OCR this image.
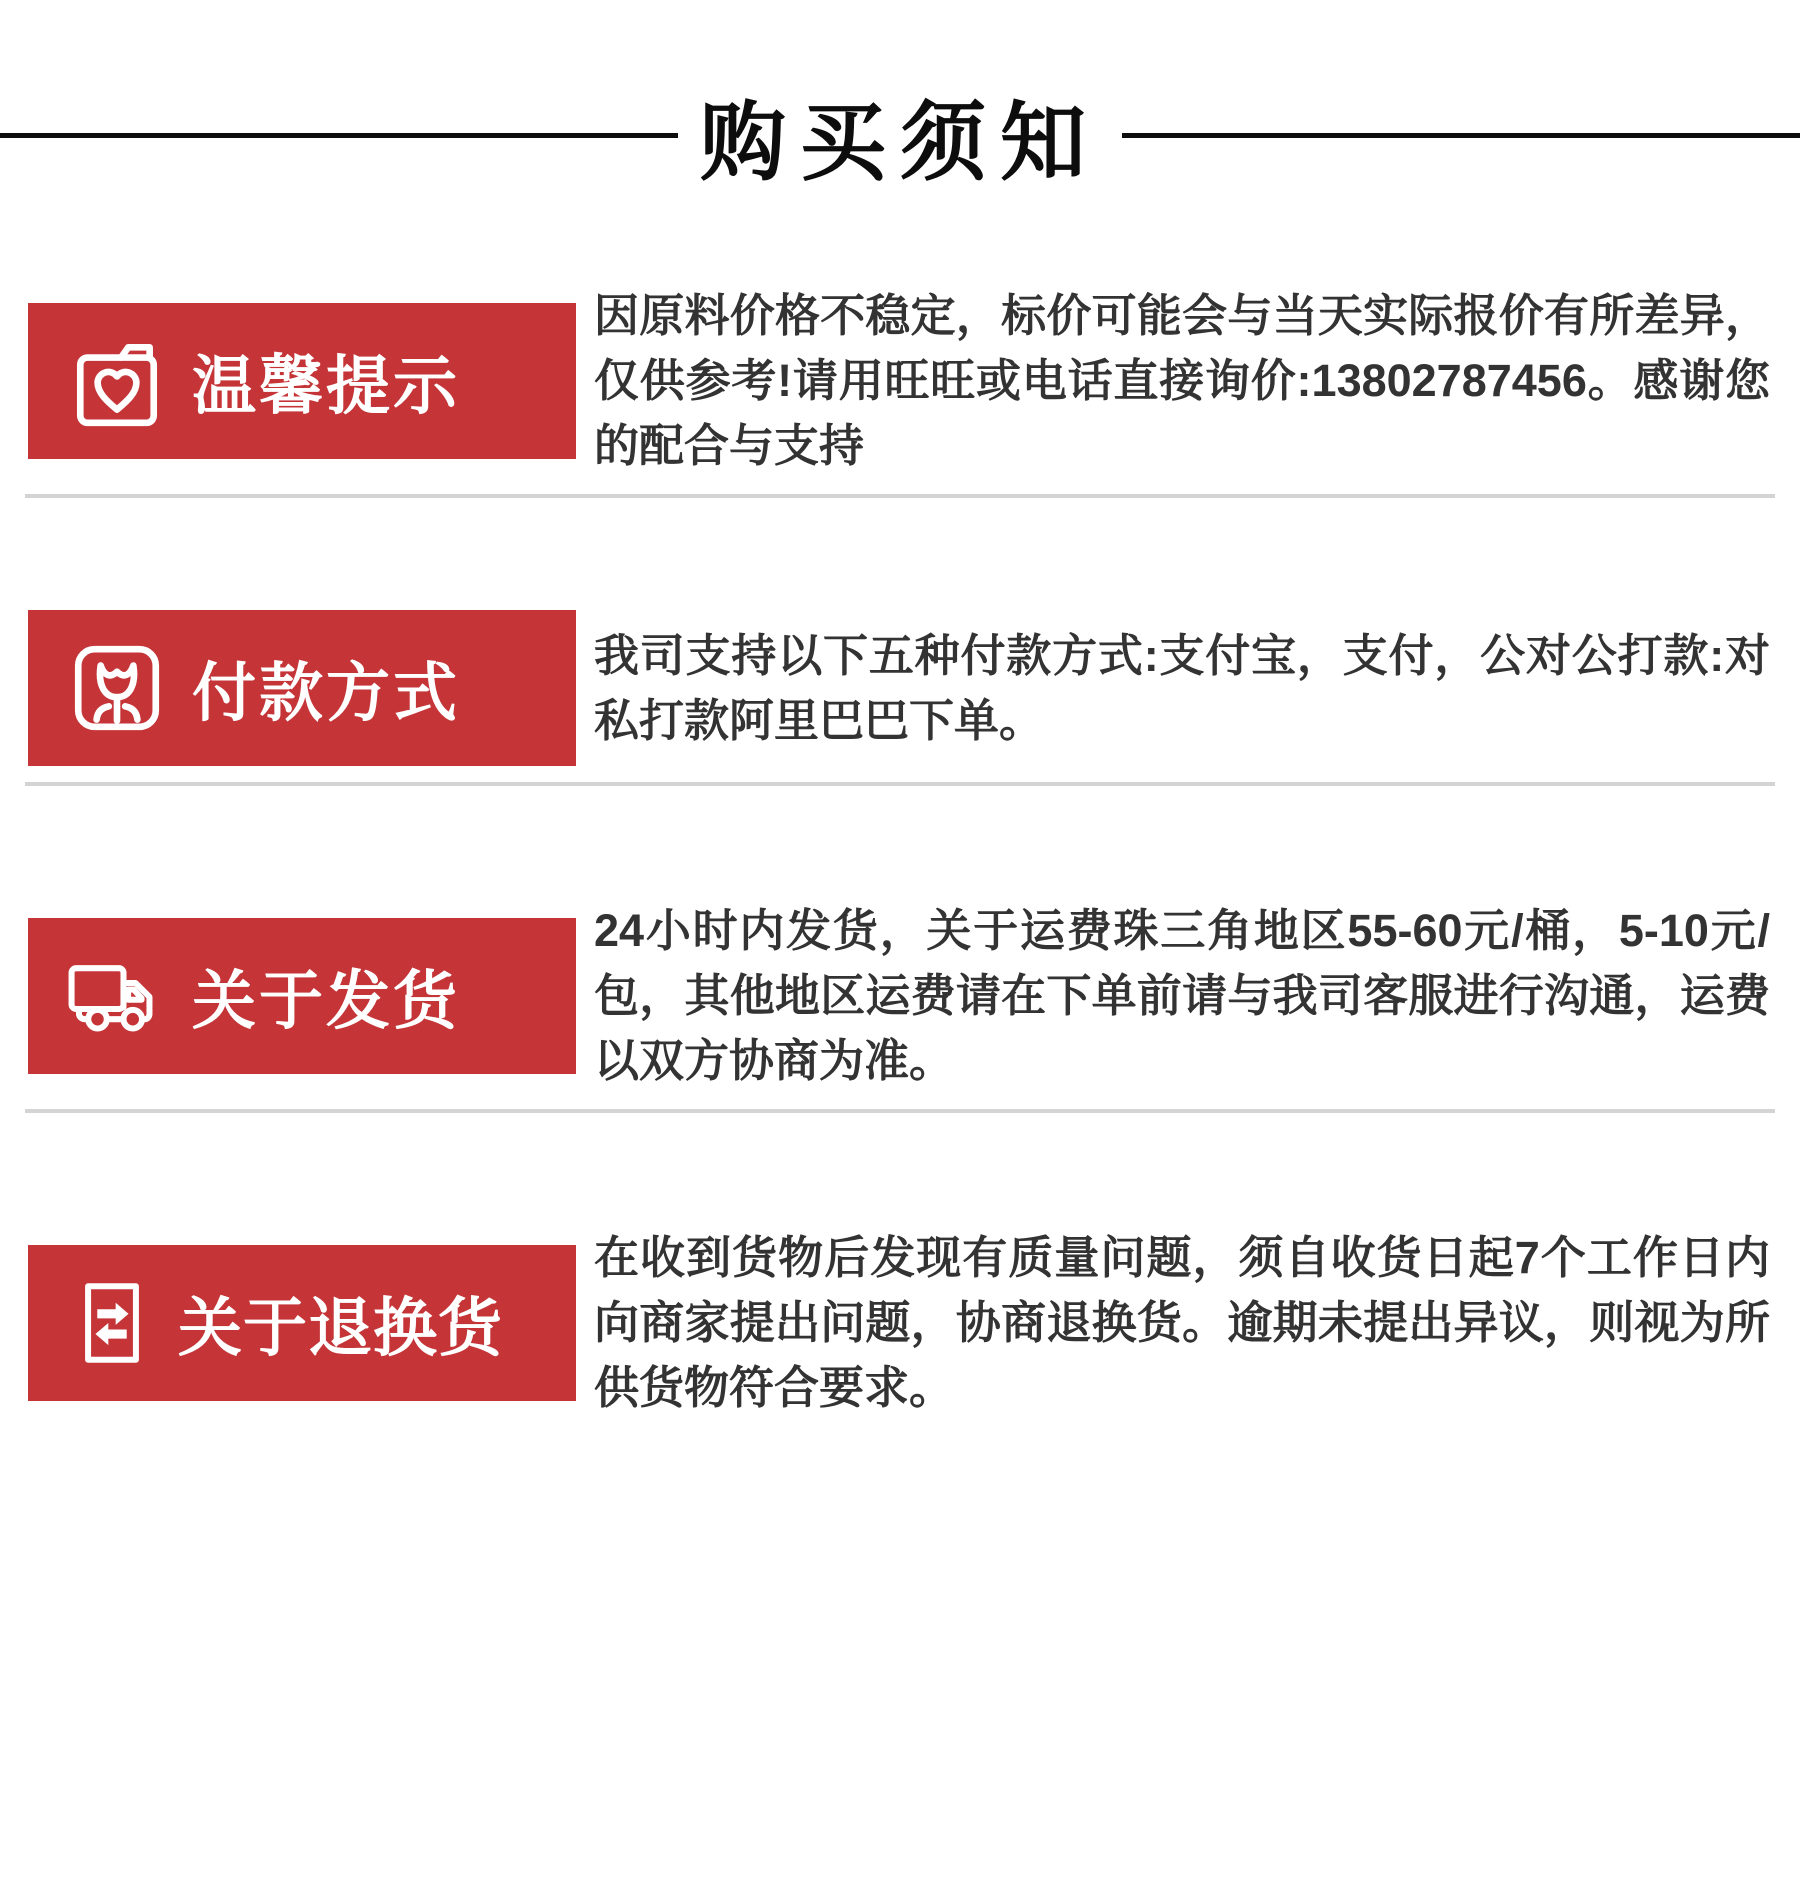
购买须知
温馨提示

因原料价格不稳定，标价可能会与当天实际报价有所差异，仅供参考!请用旺旺或电话直接询价:13802787456。感谢您的配合与支持

付款方式

我司支持以下五种付款方式:支付宝，支付，公对公打款:对私打款阿里巴巴下单。

关于发货

24小时内发货，关于运费珠三角地区55-60元/桶，5-10元/包，其他地区运费请在下单前请与我司客服进行沟通，运费以双方协商为准。

关于退换货

在收到货物后发现有质量问题，须自收货日起7个工作日内向商家提出问题，协商退换货。逾期未提出异议，则视为所供货物符合要求。
